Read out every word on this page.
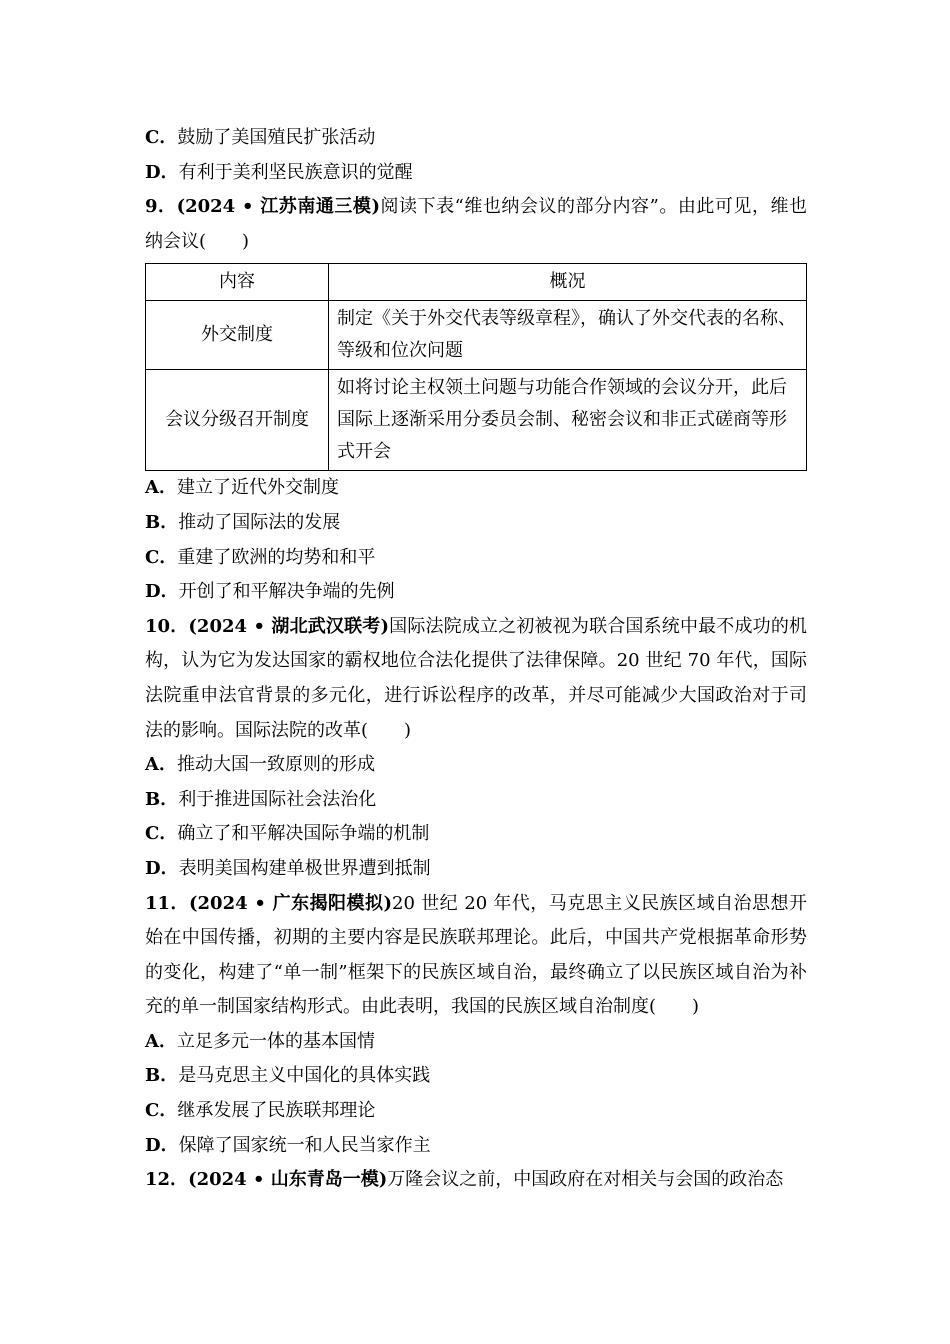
C．鼓励了美国殖民扩张活动
D．有利于美利坚民族意识的觉醒

9．(2024 • 江苏南通三模)阅读下表“维也纳会议的部分内容”。由此可见，维也纳会议(　　)

内容	概况
外交制度	制定《关于外交代表等级章程》，确认了外交代表的名称、等级和位次问题
会议分级召开制度	如将讨论主权领土问题与功能合作领域的会议分开，此后国际上逐渐采用分委员会制、秘密会议和非正式磋商等形式开会
A．建立了近代外交制度
B．推动了国际法的发展
C．重建了欧洲的均势和和平
D．开创了和平解决争端的先例

10．(2024 • 湖北武汉联考)国际法院成立之初被视为联合国系统中最不成功的机构，认为它为发达国家的霸权地位合法化提供了法律保障。20 世纪 70 年代，国际法院重申法官背景的多元化，进行诉讼程序的改革，并尽可能减少大国政治对于司法的影响。国际法院的改革(　　)

A．推动大国一致原则的形成
B．利于推进国际社会法治化
C．确立了和平解决国际争端的机制
D．表明美国构建单极世界遭到抵制

11．(2024 • 广东揭阳模拟)20 世纪 20 年代，马克思主义民族区域自治思想开始在中国传播，初期的主要内容是民族联邦理论。此后，中国共产党根据革命形势的变化，构建了“单一制”框架下的民族区域自治，最终确立了以民族区域自治为补充的单一制国家结构形式。由此表明，我国的民族区域自治制度(　　)

A．立足多元一体的基本国情
B．是马克思主义中国化的具体实践
C．继承发展了民族联邦理论
D．保障了国家统一和人民当家作主

12．(2024 • 山东青岛一模)万隆会议之前，中国政府在对相关与会国的政治态
